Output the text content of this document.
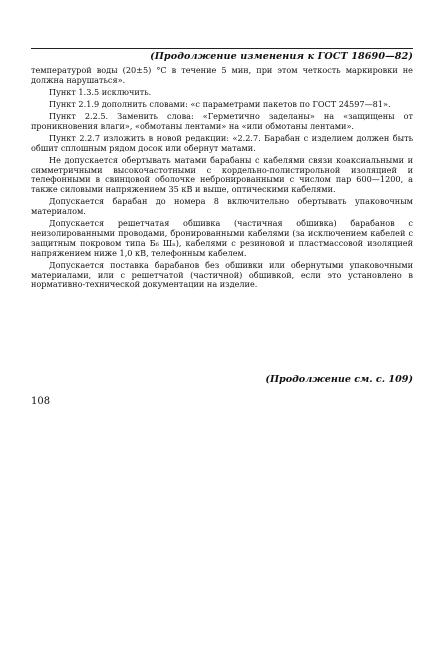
(Продолжение изменения к ГОСТ 18690—82)

температурой воды (20±5) °С в течение 5 мин, при этом четкость маркировки не должна нарушаться».

Пункт 1.3.5 исключить.

Пункт 2.1.9 дополнить словами: «с параметрами пакетов по ГОСТ 24597—81».

Пункт 2.2.5. Заменить слова: «Герметично заделаны» на «защищены от проникновения влаги», «обмотаны лентами» на «или обмотаны лентами».

Пункт 2.2.7 изложить в новой редакции: «2.2.7. Барабан с изделием должен быть обшит сплошным рядом досок или обернут матами.

Не допускается обертывать матами барабаны с кабелями связи коаксиальными и симметричными высокочастотными с кордельно-полистирольной изоляцией и телефонными в свинцовой оболочке небронированными с числом пар 600—1200, а также силовыми напряжением 35 кВ и выше, оптическими кабелями.

Допускается барабан до номера 8 включительно обертывать упаковочным материалом.

Допускается решетчатая обшивка (частичная обшивка) барабанов с неизолированными проводами, бронированными кабелями (за исключением кабелей с защитным покровом типа Б₆ Шₙ), кабелями с резиновой и пластмассовой изоляцией напряжением ниже 1,0 кВ, телефонным кабелем.

Допускается поставка барабанов без обшивки или обернутыми упаковочными материалами, или с решетчатой (частичной) обшивкой, если это установлено в нормативно-технической документации на изделие.

(Продолжение см. с. 109)
108
